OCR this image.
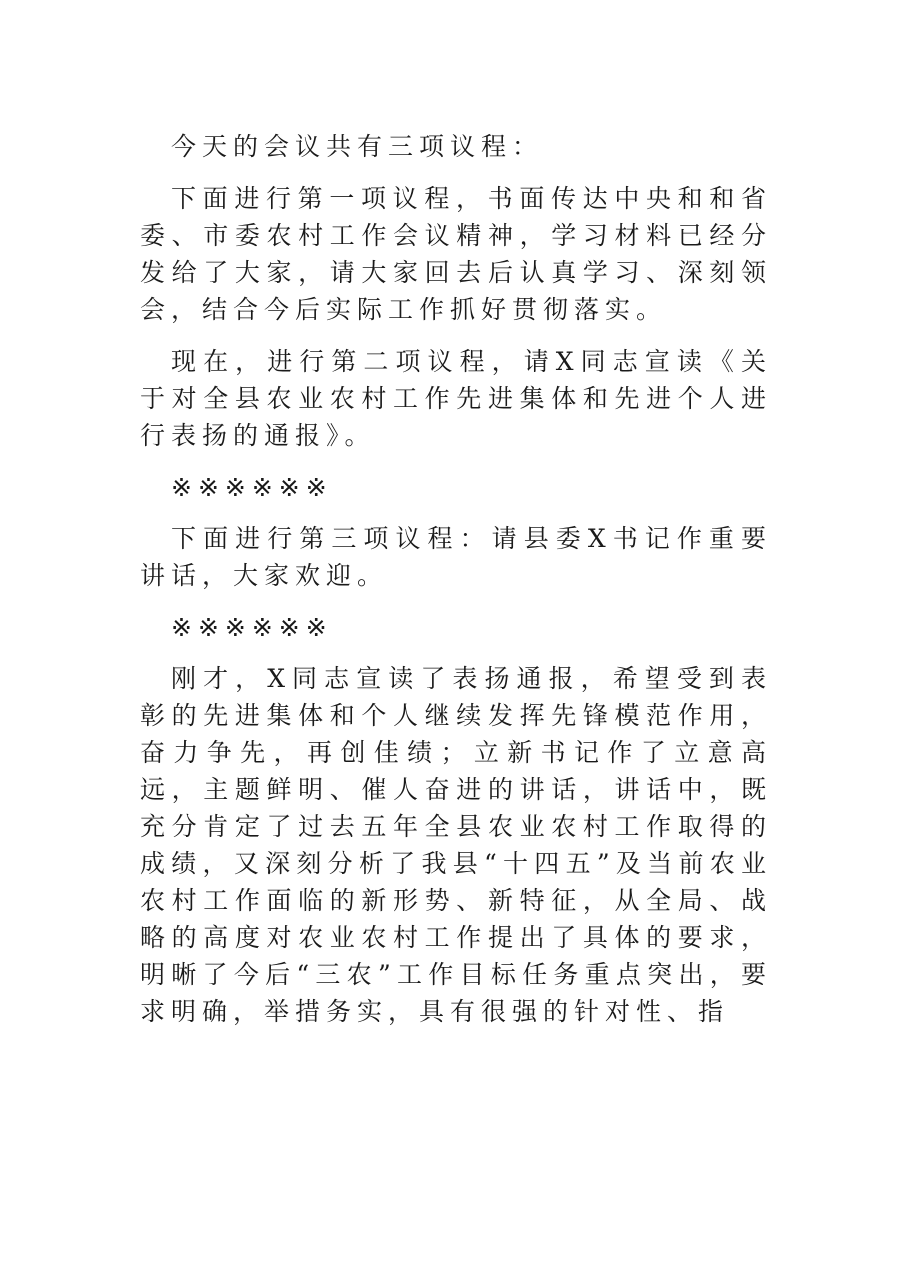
今天的会议共有三项议程：

下面进行第一项议程，书面传达中央和和省委、市委农村工作会议精神，学习材料已经分发给了大家，请大家回去后认真学习、深刻领会，结合今后实际工作抓好贯彻落实。

现在，进行第二项议程，请X同志宣读《关于对全县农业农村工作先进集体和先进个人进行表扬的通报》。

※※※※※※

下面进行第三项议程：请县委X书记作重要讲话，大家欢迎。

※※※※※※

刚才，X同志宣读了表扬通报，希望受到表彰的先进集体和个人继续发挥先锋模范作用，奋力争先，再创佳绩；立新书记作了立意高远，主题鲜明、催人奋进的讲话，讲话中，既充分肯定了过去五年全县农业农村工作取得的成绩，又深刻分析了我县“十四五”及当前农业农村工作面临的新形势、新特征，从全局、战略的高度对农业农村工作提出了具体的要求，明晰了今后“三农”工作目标任务重点突出，要求明确，举措务实，具有很强的针对性、指
